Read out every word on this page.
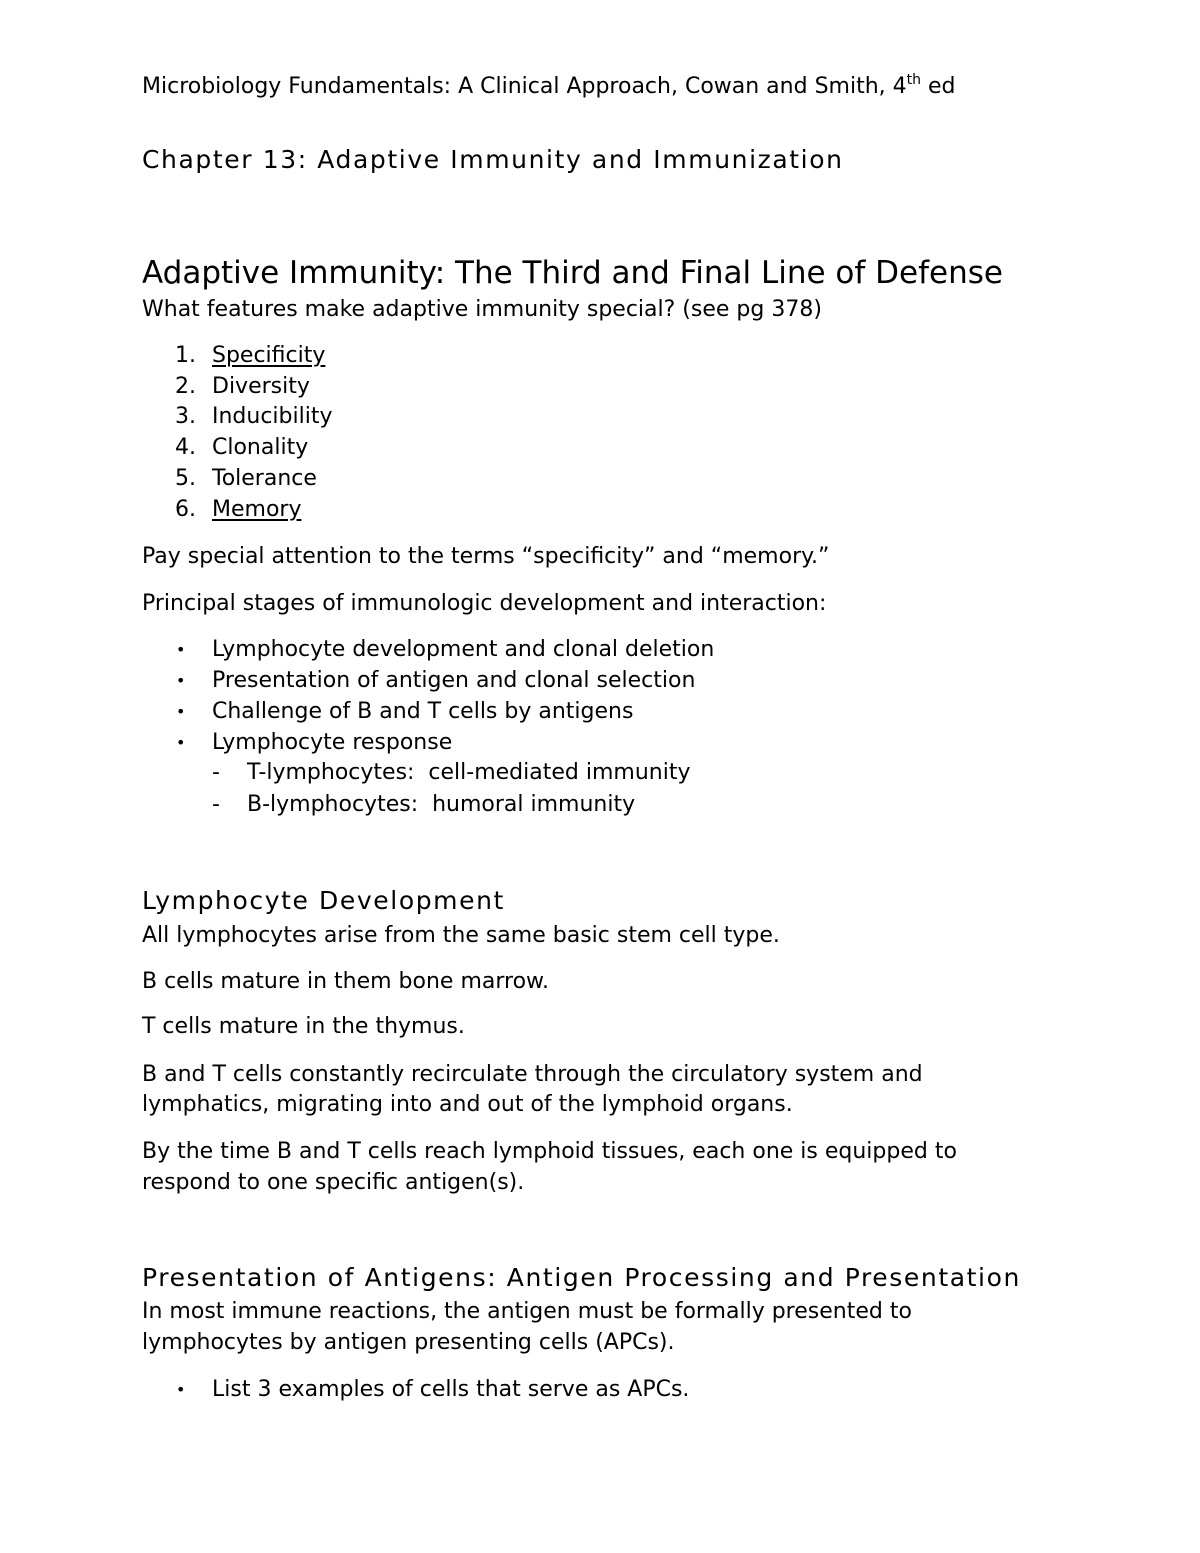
Microbiology Fundamentals: A Clinical Approach, Cowan and Smith, 4th ed
Chapter 13: Adaptive Immunity and Immunization
Adaptive Immunity: The Third and Final Line of Defense
What features make adaptive immunity special? (see pg 378)
1. Specificity
2. Diversity
3. Inducibility
4. Clonality
5. Tolerance
6. Memory
Pay special attention to the terms “specificity” and “memory.”
Principal stages of immunologic development and interaction:
• Lymphocyte development and clonal deletion
• Presentation of antigen and clonal selection
• Challenge of B and T cells by antigens
• Lymphocyte response
- T-lymphocytes:  cell-mediated immunity
- B-lymphocytes:  humoral immunity
Lymphocyte Development
All lymphocytes arise from the same basic stem cell type.
B cells mature in them bone marrow.
T cells mature in the thymus.
B and T cells constantly recirculate through the circulatory system and
lymphatics, migrating into and out of the lymphoid organs.
By the time B and T cells reach lymphoid tissues, each one is equipped to
respond to one specific antigen(s).
Presentation of Antigens: Antigen Processing and Presentation
In most immune reactions, the antigen must be formally presented to
lymphocytes by antigen presenting cells (APCs).
• List 3 examples of cells that serve as APCs.
